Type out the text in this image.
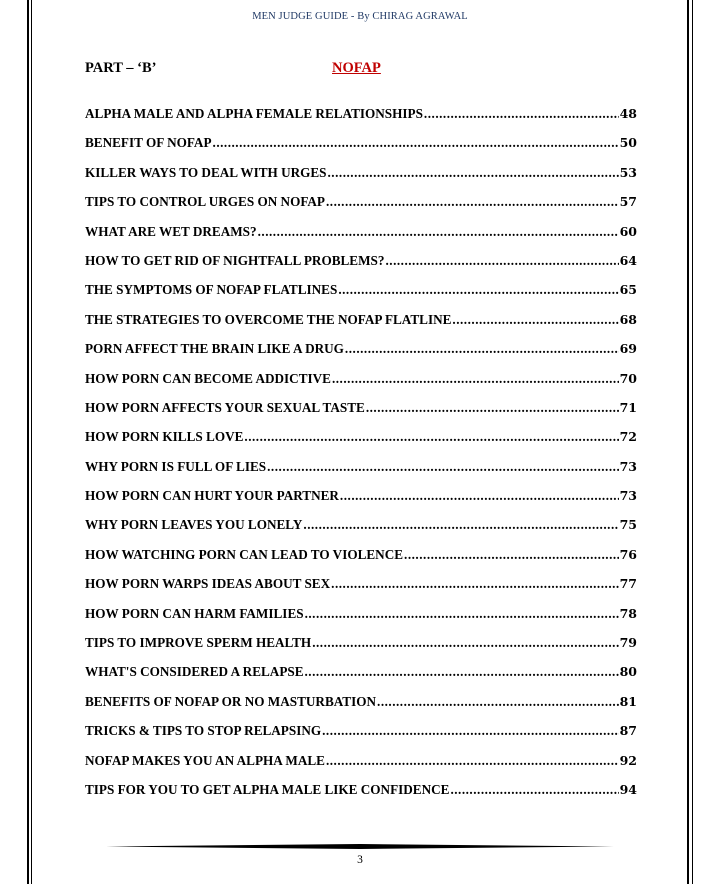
MEN JUDGE GUIDE - By CHIRAG AGRAWAL
PART – ‘B’	NOFAP
ALPHA MALE AND ALPHA FEMALE RELATIONSHIPS .....	48
BENEFIT OF NOFAP .....	50
KILLER WAYS TO DEAL WITH URGES .....	53
TIPS TO CONTROL URGES ON NOFAP .....	57
WHAT ARE WET DREAMS? .....	60
HOW TO GET RID OF NIGHTFALL PROBLEMS? .....	64
THE SYMPTOMS OF NOFAP FLATLINES .....	65
THE STRATEGIES TO OVERCOME THE NOFAP FLATLINE .....	68
PORN AFFECT THE BRAIN LIKE A DRUG .....	69
HOW PORN CAN BECOME ADDICTIVE .....	70
HOW PORN AFFECTS YOUR SEXUAL TASTE .....	71
HOW PORN KILLS LOVE .....	72
WHY PORN IS FULL OF LIES .....	73
HOW PORN CAN HURT YOUR PARTNER .....	73
WHY PORN LEAVES YOU LONELY .....	75
HOW WATCHING PORN CAN LEAD TO VIOLENCE .....	76
HOW PORN WARPS IDEAS ABOUT SEX .....	77
HOW PORN CAN HARM FAMILIES .....	78
TIPS TO IMPROVE SPERM HEALTH .....	79
WHAT'S CONSIDERED A RELAPSE .....	80
BENEFITS OF NOFAP OR NO MASTURBATION .....	81
TRICKS & TIPS TO STOP RELAPSING .....	87
NOFAP MAKES YOU AN ALPHA MALE .....	92
TIPS FOR YOU TO GET ALPHA MALE LIKE CONFIDENCE .....	94
3
